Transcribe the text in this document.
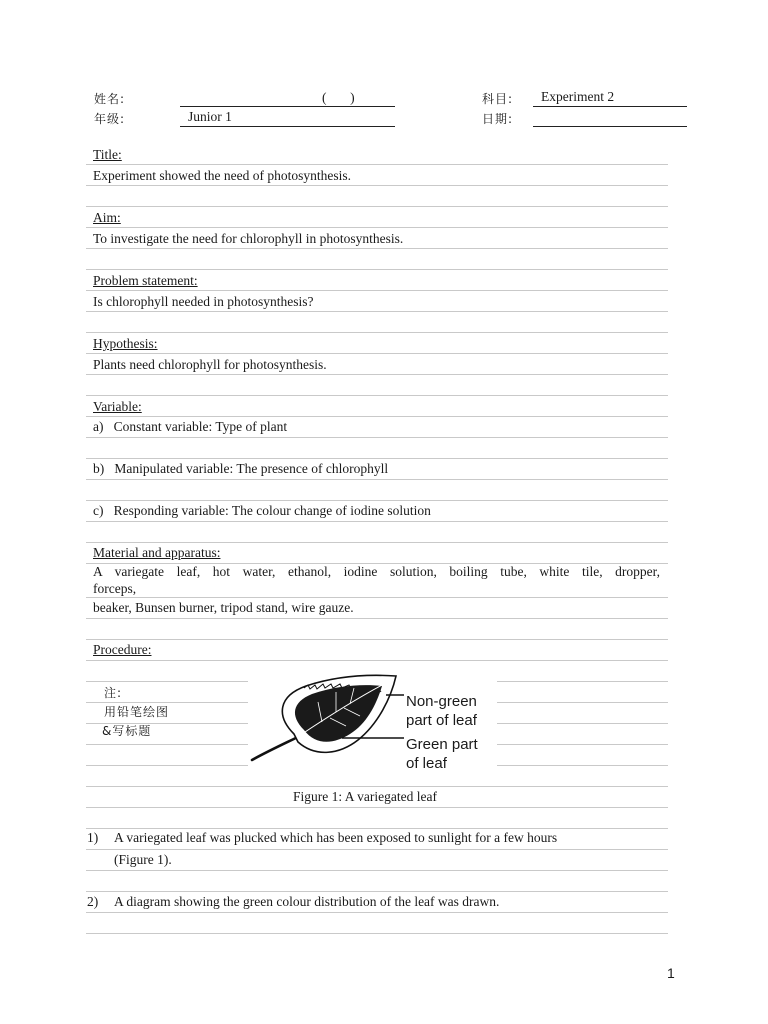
姓名:	(       )
年级:	Junior 1
科目: Experiment 2
日期:
Title:
Experiment showed the need of photosynthesis.
Aim:
To investigate the need for chlorophyll in photosynthesis.
Problem statement:
Is chlorophyll needed in photosynthesis?
Hypothesis:
Plants need chlorophyll for photosynthesis.
Variable:
a)   Constant variable: Type of plant
b)   Manipulated variable: The presence of chlorophyll
c)   Responding variable: The colour change of iodine solution
Material and apparatus:
A variegate leaf, hot water, ethanol, iodine solution, boiling tube, white tile, dropper,
forceps,
beaker, Bunsen burner, tripod stand, wire gauze.
Procedure:
注:
用铅笔绘图
&写标题
Non-green
part of leaf
Green part
of leaf
Figure 1: A variegated leaf
1) A variegated leaf was plucked which has been exposed to sunlight for a few hours
(Figure 1).
2) A diagram showing the green colour distribution of the leaf was drawn.
1
